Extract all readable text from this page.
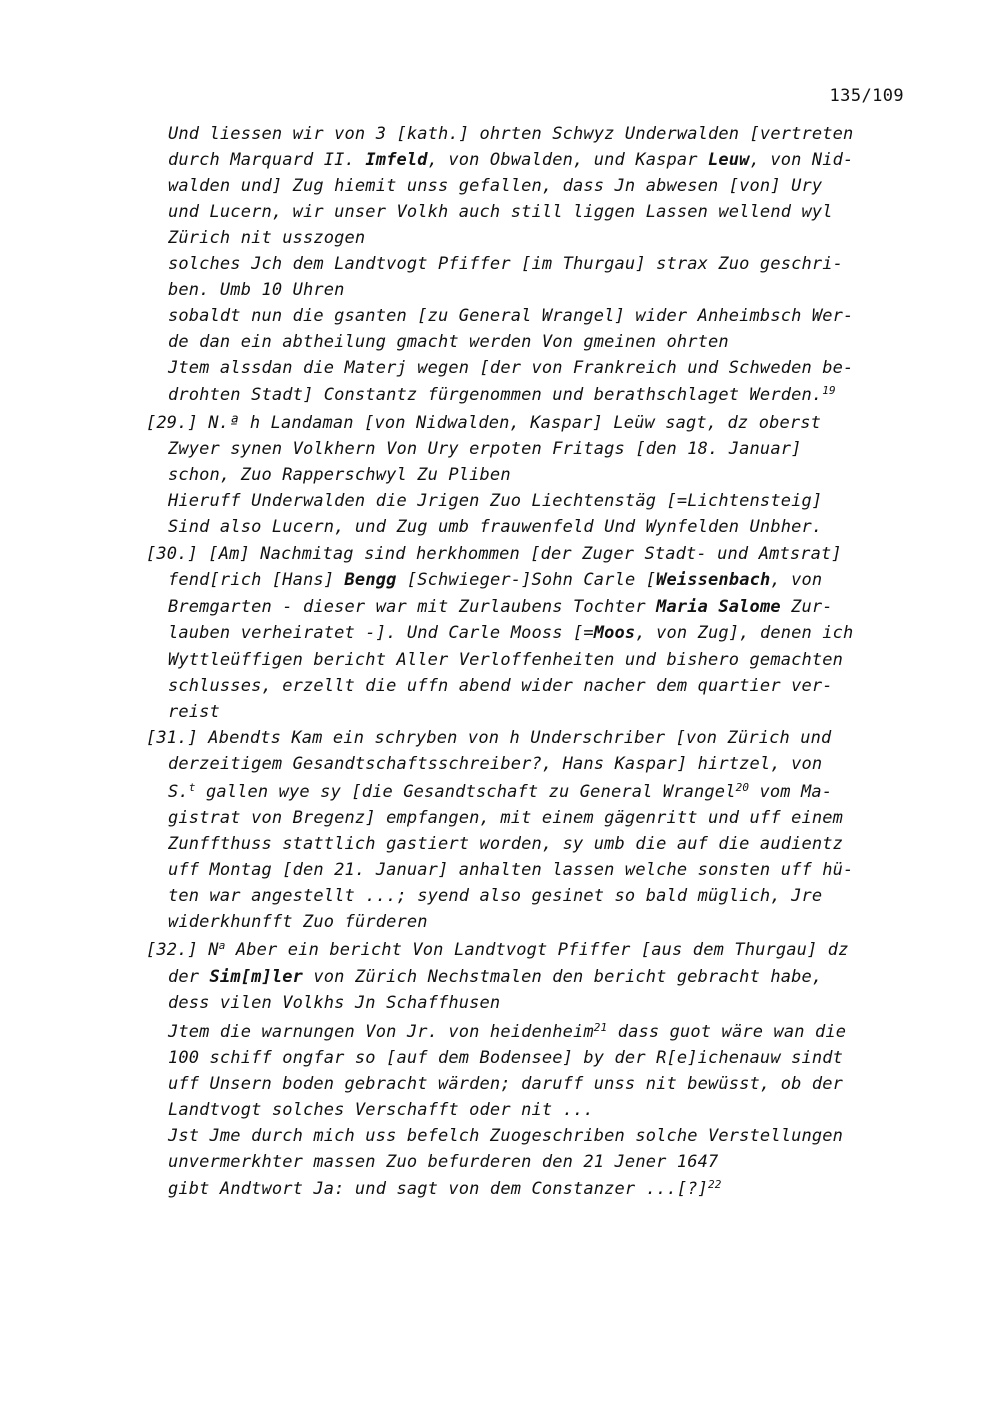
135/109
Und liessen wir von 3 [kath.] ohrten Schwyz Underwalden [vertreten
durch Marquard II. Imfeld, von Obwalden, und Kaspar Leuw, von Nid-
walden und] Zug hiemit unss gefallen, dass Jn abwesen [von] Ury
und Lucern, wir unser Volkh auch still liggen Lassen wellend wyl
Zürich nit usszogen
solches Jch dem Landtvogt Pfiffer [im Thurgau] strax Zuo geschri-
ben. Umb 10 Uhren
sobaldt nun die gsanten [zu General Wrangel] wider Anheimbsch Wer-
de dan ein abtheilung gmacht werden Von gmeinen ohrten
Jtem alssdan die Materj wegen [der von Frankreich und Schweden be-
drohten Stadt] Constantz fürgenommen und berathschlaget Werden.$^{19}$
[29.] N.ª h Landaman [von Nidwalden, Kaspar] Leüw sagt, dz oberst
Zwyer synen Volkhern Von Ury erpoten Fritags [den 18. Januar]
schon, Zuo Rapperschwyl Zu Pliben
Hieruff Underwalden die Jrigen Zuo Liechtenstäg [=Lichtensteig]
Sind also Lucern, und Zug umb frauwenfeld Und Wynfelden Unbher.
[30.] [Am] Nachmitag sind herkhommen [der Zuger Stadt- und Amtsrat]
fend[rich [Hans] Bengg [Schwieger-]Sohn Carle [Weissenbach, von
Bremgarten - dieser war mit Zurlaubens Tochter Maria Salome Zur-
lauben verheiratet -]. Und Carle Mooss [=Moos, von Zug], denen ich
Wyttleüffigen bericht Aller Verloffenheiten und bishero gemachten
schlusses, erzellt die uffn abend wider nacher dem quartier ver-
reist
[31.] Abendts Kam ein schryben von h Underschriber [von Zürich und
derzeitigem Gesandtschaftsschreiber?, Hans Kaspar] hirtzel, von
S.$^t$ gallen wye sy [die Gesandtschaft zu General Wrangel$^{20}$ vom Ma-
gistrat von Bregenz] empfangen, mit einem gägenritt und uff einem
Zunffthuss stattlich gastiert worden, sy umb die auf die audientz
uff Montag [den 21. Januar] anhalten lassen welche sonsten uff hü-
ten war angestellt ...; syend also gesinet so bald müglich, Jre
widerkhunfft Zuo fürderen
[32.] $N^a$ Aber ein bericht Von Landtvogt Pfiffer [aus dem Thurgau] dz
der Sim[m]ler von Zürich Nechstmalen den bericht gebracht habe,
dess vilen Volkhs Jn Schaffhusen
Jtem die warnungen Von Jr. von heidenheim$^{21}$ dass guot wäre wan die
100 schiff ongfar so [auf dem Bodensee] by der R[e]ichenauw sindt
uff Unsern boden gebracht wärden; daruff unss nit bewüsst, ob der
Landtvogt solches Verschafft oder nit ...
Jst Jme durch mich uss befelch Zuogeschriben solche Verstellungen
unvermerkhter massen Zuo befurderen den 21 Jener 1647
gibt Andtwort Ja: und sagt von dem Constanzer ...[?]$^{22}$
